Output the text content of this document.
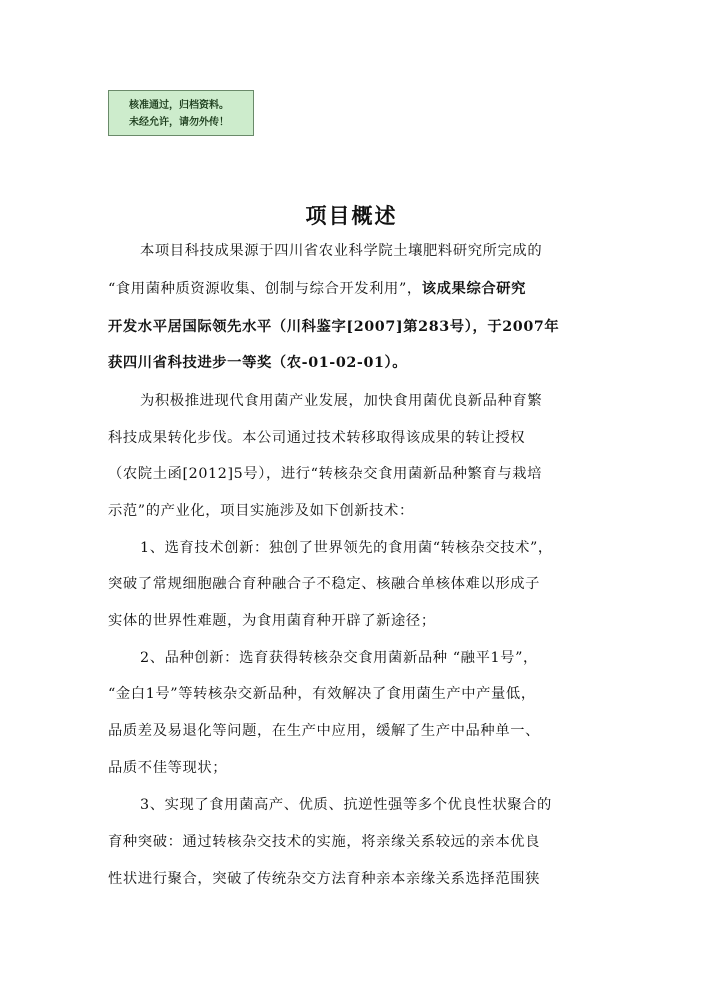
核准通过，归档资料。
未经允许，请勿外传！
项目概述
本项目科技成果源于四川省农业科学院土壤肥料研究所完成的
“食用菌种质资源收集、创制与综合开发利用”，该成果综合研究
开发水平居国际领先水平（川科鉴字[2007]第283号），于2007年
获四川省科技进步一等奖（农-01-02-01）。
为积极推进现代食用菌产业发展，加快食用菌优良新品种育繁
科技成果转化步伐。本公司通过技术转移取得该成果的转让授权
（农院土函[2012]5号），进行“转核杂交食用菌新品种繁育与栽培
示范”的产业化，项目实施涉及如下创新技术：
1、选育技术创新：独创了世界领先的食用菌“转核杂交技术”，
突破了常规细胞融合育种融合子不稳定、核融合单核体难以形成子
实体的世界性难题，为食用菌育种开辟了新途径；
2、品种创新：选育获得转核杂交食用菌新品种 “融平1号”，
“金白1号”等转核杂交新品种，有效解决了食用菌生产中产量低，
品质差及易退化等问题，在生产中应用，缓解了生产中品种单一、
品质不佳等现状；
3、实现了食用菌高产、优质、抗逆性强等多个优良性状聚合的
育种突破：通过转核杂交技术的实施，将亲缘关系较远的亲本优良
性状进行聚合，突破了传统杂交方法育种亲本亲缘关系选择范围狭
